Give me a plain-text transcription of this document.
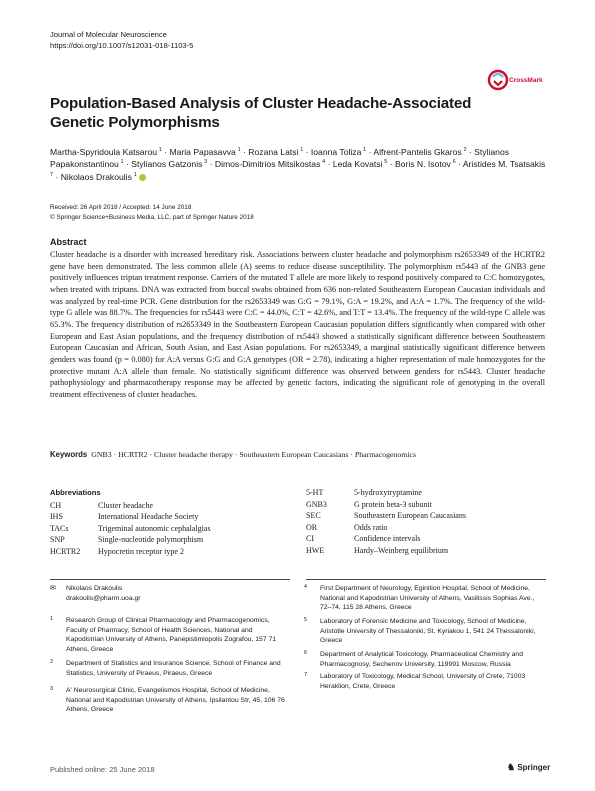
Journal of Molecular Neuroscience
https://doi.org/10.1007/s12031-018-1103-5
CrossMark
Population-Based Analysis of Cluster Headache-Associated Genetic Polymorphisms
Martha-Spyridoula Katsarou  $^1$ · Maria Papasavva  $^1$ · Rozana Latsi  $^1$ · Ioanna Toliza  $^1$ · Alfrent-Pantelis Gkaros  $^2$ · Stylianos Papakonstantinou  $^1$ · Stylianos Gatzonis  $^3$ · Dimos-Dimitrios Mitsikostas  $^4$ · Leda Kovatsi  $^5$ · Boris N. Isotov  $^6$ · Aristides M. Tsatsakis $^7$ · Nikolaos Drakoulis  $^1$
Received: 26 April 2018 / Accepted: 14 June 2018
© Springer Science+Business Media, LLC, part of Springer Nature 2018
Abstract
Cluster headache is a disorder with increased hereditary risk. Associations between cluster headache and polymorphism rs2653349 of the HCRTR2 gene have been demonstrated. The less common allele (A) seems to reduce disease susceptibility. The polymorphism rs5443 of the GNB3 gene positively influences triptan treatment response. Carriers of the mutated T allele are more likely to respond positively compared to C:C homozygotes, when treated with triptans. DNA was extracted from buccal swabs obtained from 636 non-related Southeastern European Caucasian individuals and was analyzed by real-time PCR. Gene distribution for the rs2653349 was G:G = 79.1%, G:A = 19.2%, and A:A = 1.7%. The frequency of the wild-type G allele was 88.7%. The frequencies for rs5443 were C:C = 44.0%, C:T = 42.6%, and T:T = 13.4%. The frequency of the wild-type C allele was 65.3%. The frequency distribution of rs2653349 in the Southeastern European Caucasian population differs significantly when compared with other European and East Asian populations, and the frequency distribution of rs5443 showed a statistically significant difference between Southeastern European Caucasian and African, South Asian, and East Asian populations. For rs2653349, a marginal statistically significant difference between genders was found (p = 0.080) for A:A versus G:G and G:A genotypes (OR = 2.78), indicating a higher representation of male homozygotes for the protective mutant A:A allele than female. No statistically significant difference was observed between genders for rs5443. Cluster headache pathophysiology and pharmacotherapy response may be affected by genetic factors, indicating the significant role of genotyping in the overall treatment effectiveness of cluster headaches.
Keywords GNB3 · HCRTR2 · Cluster headache therapy · Southeastern European Caucasians · Pharmacogenomics
Abbreviations
CH	Cluster headache
IHS	International Headache Society
TACs	Trigeminal autonomic cephalalgias
SNP	Single-nucleotide polymorphism
HCRTR2	Hypocretin receptor type 2
5-HT	5-hydroxytryptamine
GNB3	G protein beta-3 subunit
SEC	Southeastern European Caucasians
OR	Odds ratio
CI	Confidence intervals
HWE	Hardy–Weinberg equilibrium
✉ Nikolaos Drakoulis
drakoulis@pharm.uoa.gr
1 Research Group of Clinical Pharmacology and Pharmacogenomics, Faculty of Pharmacy, School of Health Sciences, National and Kapodistrian University of Athens, Panepistimiopolis Zografou, 157 71 Athens, Greece
2 Department of Statistics and Insurance Science, School of Finance and Statistics, University of Piraeus, Piraeus, Greece
3 A' Neurosurgical Clinic, Evangelismos Hospital, School of Medicine, National and Kapodistrian University of Athens, Ipsilantou Str, 45, 106 76 Athens, Greece
4 First Department of Neurology, Eginition Hospital, School of Medicine, National and Kapodistrian University of Athens, Vasilissis Sophias Ave., 72–74, 115 28 Athens, Greece
5 Laboratory of Forensic Medicine and Toxicology, School of Medicine, Aristotle University of Thessaloniki, St. Kyriakou 1, 541 24 Thessaloniki, Greece
6 Department of Analytical Toxicology, Pharmaceutical Chemistry and Pharmacognosy, Sechenov University, 119991 Moscow, Russia
7 Laboratory of Toxicology, Medical School, University of Crete, 71003 Heraklion, Crete, Greece
Published online: 25 June 2018	♞ Springer
